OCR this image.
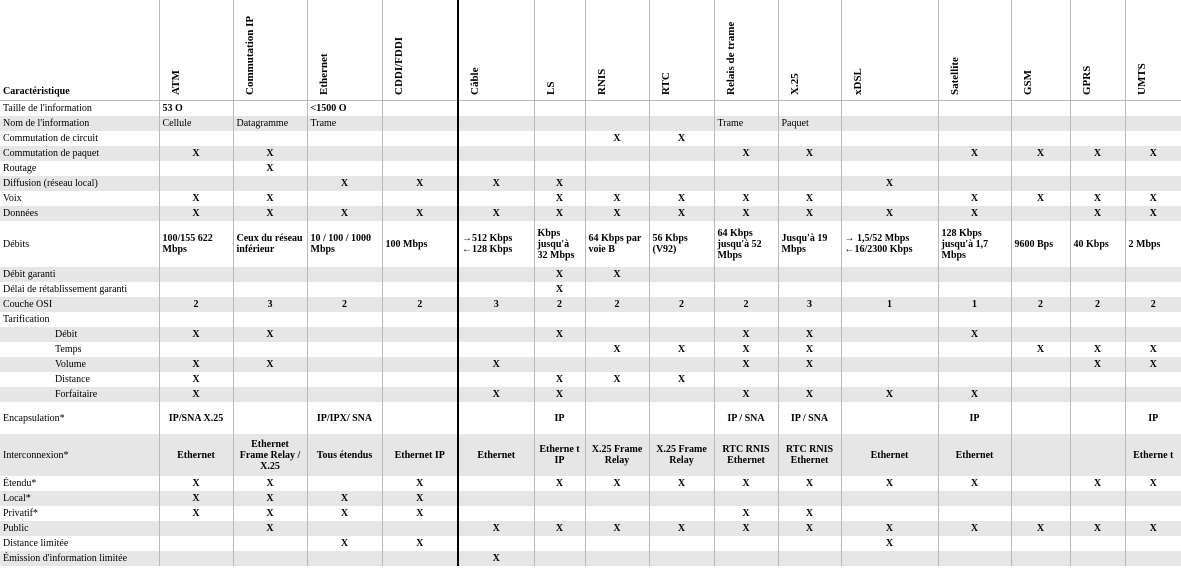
Caractéristique	ATM	Commutation IP	Ethernet	CDDI/FDDI	Câble	LS	RNIS	RTC	Relais de trame	X.25	xDSL	Satellite	GSM	GPRS	UMTS
Taille de l'information	53 O		<1500 O												
Nom de l'information	Cellule	Datagramme	Trame						Trame	Paquet					
Commutation de circuit							X	X							
Commutation de paquet	X	X							X	X		X	X	X	X
Routage		X													
Diffusion (réseau local)			X	X	X	X					X				
Voix	X	X				X	X	X	X	X		X	X	X	X
Données	X	X	X	X	X	X	X	X	X	X	X	X		X	X
Débits	100/155 622 Mbps	Ceux du réseau inférieur	10 / 100 / 1000 Mbps	100 Mbps	→512 Kbps ←128 Kbps	Kbps jusqu'à 32 Mbps	64 Kbps par voie B	56 Kbps (V92)	64 Kbps jusqu'à 52 Mbps	Jusqu'à 19 Mbps	→ 1,5/52 Mbps ←16/2300 Kbps	128 Kbps jusqu'à 1,7 Mbps	9600 Bps	40 Kbps	2 Mbps
Débit garanti						X	X								
Délai de rétablissement garanti						X									
Couche OSI	2	3	2	2	3	2	2	2	2	3	1	1	2	2	2
Tarification															
Débit	X	X				X			X	X		X			
Temps							X	X	X	X			X	X	X
Volume	X	X			X				X	X				X	X
Distance	X					X	X	X							
Forfaitaire	X				X	X			X	X	X	X			
Encapsulation*	IP/SNA X.25		IP/IPX/ SNA			IP			IP / SNA	IP / SNA		IP			IP
Interconnexion*	Ethernet	Ethernet Frame Relay / X.25	Tous étendus	Ethernet IP	Ethernet	Etherne t IP	X.25 Frame Relay	X.25 Frame Relay	RTC RNIS Ethernet	RTC RNIS Ethernet	Ethernet	Ethernet			Etherne t
Étendu*	X	X		X		X	X	X	X	X	X	X		X	X
Local*	X	X	X	X											
Privatif*	X	X	X	X					X	X					
Public		X			X	X	X	X	X	X	X	X	X	X	X
Distance limitée			X	X							X				
Émission d'information limitée					X										
